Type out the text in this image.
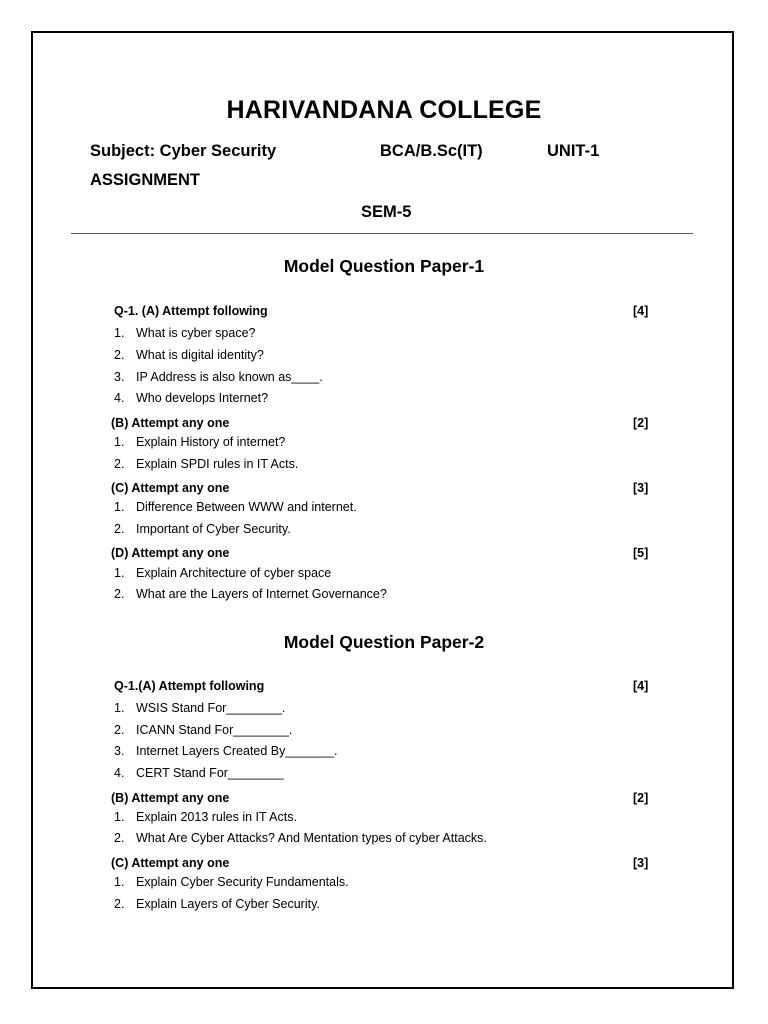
HARIVANDANA COLLEGE
Subject: Cyber Security	BCA/B.Sc(IT)	UNIT-1
ASSIGNMENT
SEM-5
Model Question Paper-1
Q-1. (A) Attempt following	[4]
1. What is cyber space?
2. What is digital identity?
3. IP Address is also known as____.
4. Who develops Internet?
(B) Attempt any one	[2]
1. Explain History of internet?
2. Explain SPDI rules in IT Acts.
(C) Attempt any one	[3]
1. Difference Between WWW and internet.
2. Important of Cyber Security.
(D) Attempt any one	[5]
1. Explain Architecture of cyber space
2. What are the Layers of Internet Governance?
Model Question Paper-2
Q-1.(A) Attempt following	[4]
1. WSIS Stand For________.
2. ICANN Stand For________.
3. Internet Layers Created By_______.
4. CERT Stand For________
(B) Attempt any one	[2]
1. Explain 2013 rules in IT Acts.
2. What Are Cyber Attacks? And Mentation types of cyber Attacks.
(C) Attempt any one	[3]
1. Explain Cyber Security Fundamentals.
2. Explain Layers of Cyber Security.
